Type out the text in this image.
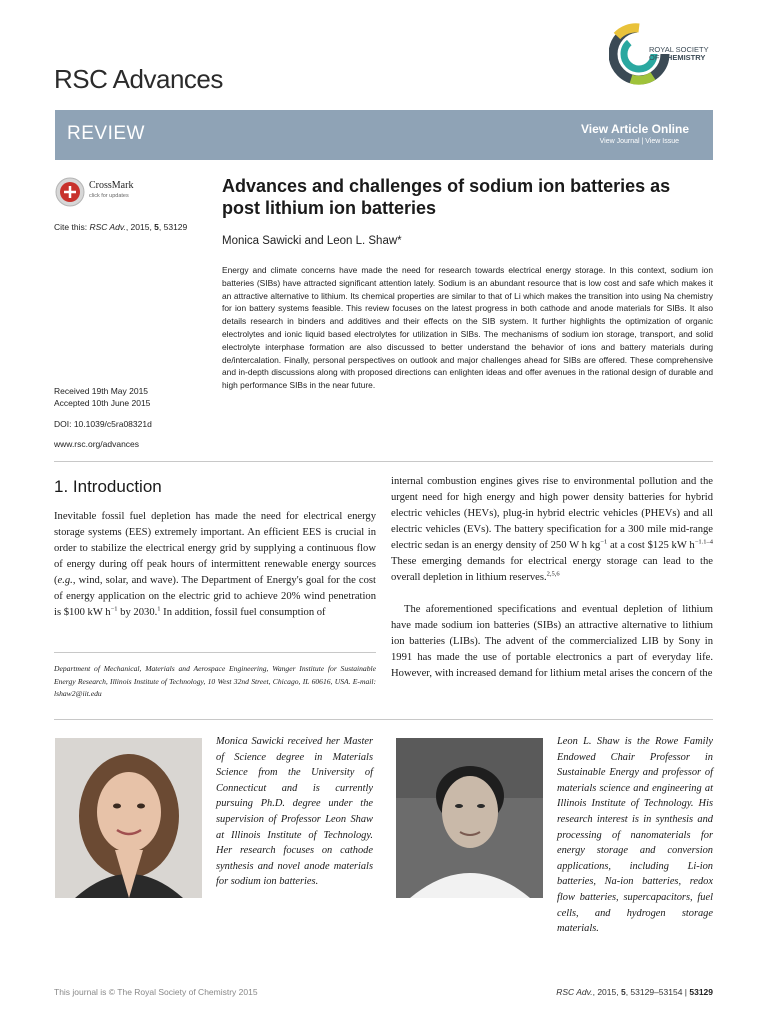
RSC Advances
ROYAL SOCIETY
OF CHEMISTRY
REVIEW	View Article Online
View Journal | View Issue
CrossMark
click for updates
Cite this: RSC Adv., 2015, 5, 53129
Received 19th May 2015
Accepted 10th June 2015
DOI: 10.1039/c5ra08321d
www.rsc.org/advances
Advances and challenges of sodium ion batteries as
post lithium ion batteries
Monica Sawicki and Leon L. Shaw*
Energy and climate concerns have made the need for research towards electrical energy storage. In this context, sodium ion batteries (SIBs) have attracted significant attention lately. Sodium is an abundant resource that is low cost and safe which makes it an attractive alternative to lithium. Its chemical properties are similar to that of Li which makes the transition into using Na chemistry for ion battery systems feasible. This review focuses on the latest progress in both cathode and anode materials for SIBs. It also details research in binders and additives and their effects on the SIB system. It further highlights the optimization of organic electrolytes and ionic liquid based electrolytes for utilization in SIBs. The mechanisms of sodium ion storage, transport, and solid electrolyte interphase formation are also discussed to better understand the behavior of ions and battery materials during de/intercalation. Finally, personal perspectives on outlook and major challenges ahead for SIBs are offered. These comprehensive and in-depth discussions along with proposed directions can enlighten ideas and offer avenues in the rational design of durable and high performance SIBs in the near future.
1. Introduction
Inevitable fossil fuel depletion has made the need for electrical energy storage systems (EES) extremely important. An efficient EES is crucial in order to stabilize the electrical energy grid by supplying a continuous flow of energy during off peak hours of intermittent renewable energy sources (e.g., wind, solar, and wave). The Department of Energy's goal for the cost of energy application on the electric grid to achieve 20% wind penetration is $100 kW $h^{-1}$ by 2030.$^1$ In addition, fossil fuel consumption of
Department of Mechanical, Materials and Aerospace Engineering, Wanger Institute for Sustainable Energy Research, Illinois Institute of Technology, 10 West 32nd Street, Chicago, IL 60616, USA. E-mail: lshaw2@iit.edu
internal combustion engines gives rise to environmental pollution and the urgent need for high energy and high power density batteries for hybrid electric vehicles (HEVs), plug-in hybrid electric vehicles (PHEVs) and all electric vehicles (EVs). The battery specification for a 300 mile mid-range electric sedan is an energy density of 250 W h $kg^{-1}$ at a cost $125 kW $h^{-1.1-4}$ These emerging demands for electrical energy storage can lead to the overall depletion in lithium reserves.$^{2,5,6}$
The aforementioned specifications and eventual depletion of lithium have made sodium ion batteries (SIBs) an attractive alternative to lithium ion batteries (LIBs). The advent of the commercialized LIB by Sony in 1991 has made the use of portable electronics a part of everyday life. However, with increased demand for lithium metal arises the concern of the
Monica Sawicki received her Master of Science degree in Materials Science from the University of Connecticut and is currently pursuing Ph.D. degree under the supervision of Professor Leon Shaw at Illinois Institute of Technology. Her research focuses on cathode synthesis and novel anode materials for sodium ion batteries.
Leon L. Shaw is the Rowe Family Endowed Chair Professor in Sustainable Energy and professor of materials science and engineering at Illinois Institute of Technology. His research interest is in synthesis and processing of nanomaterials for energy storage and conversion applications, including Li-ion batteries, Na-ion batteries, redox flow batteries, supercapacitors, fuel cells, and hydrogen storage materials.
This journal is © The Royal Society of Chemistry 2015	RSC Adv., 2015, 5, 53129–53154 | 53129
